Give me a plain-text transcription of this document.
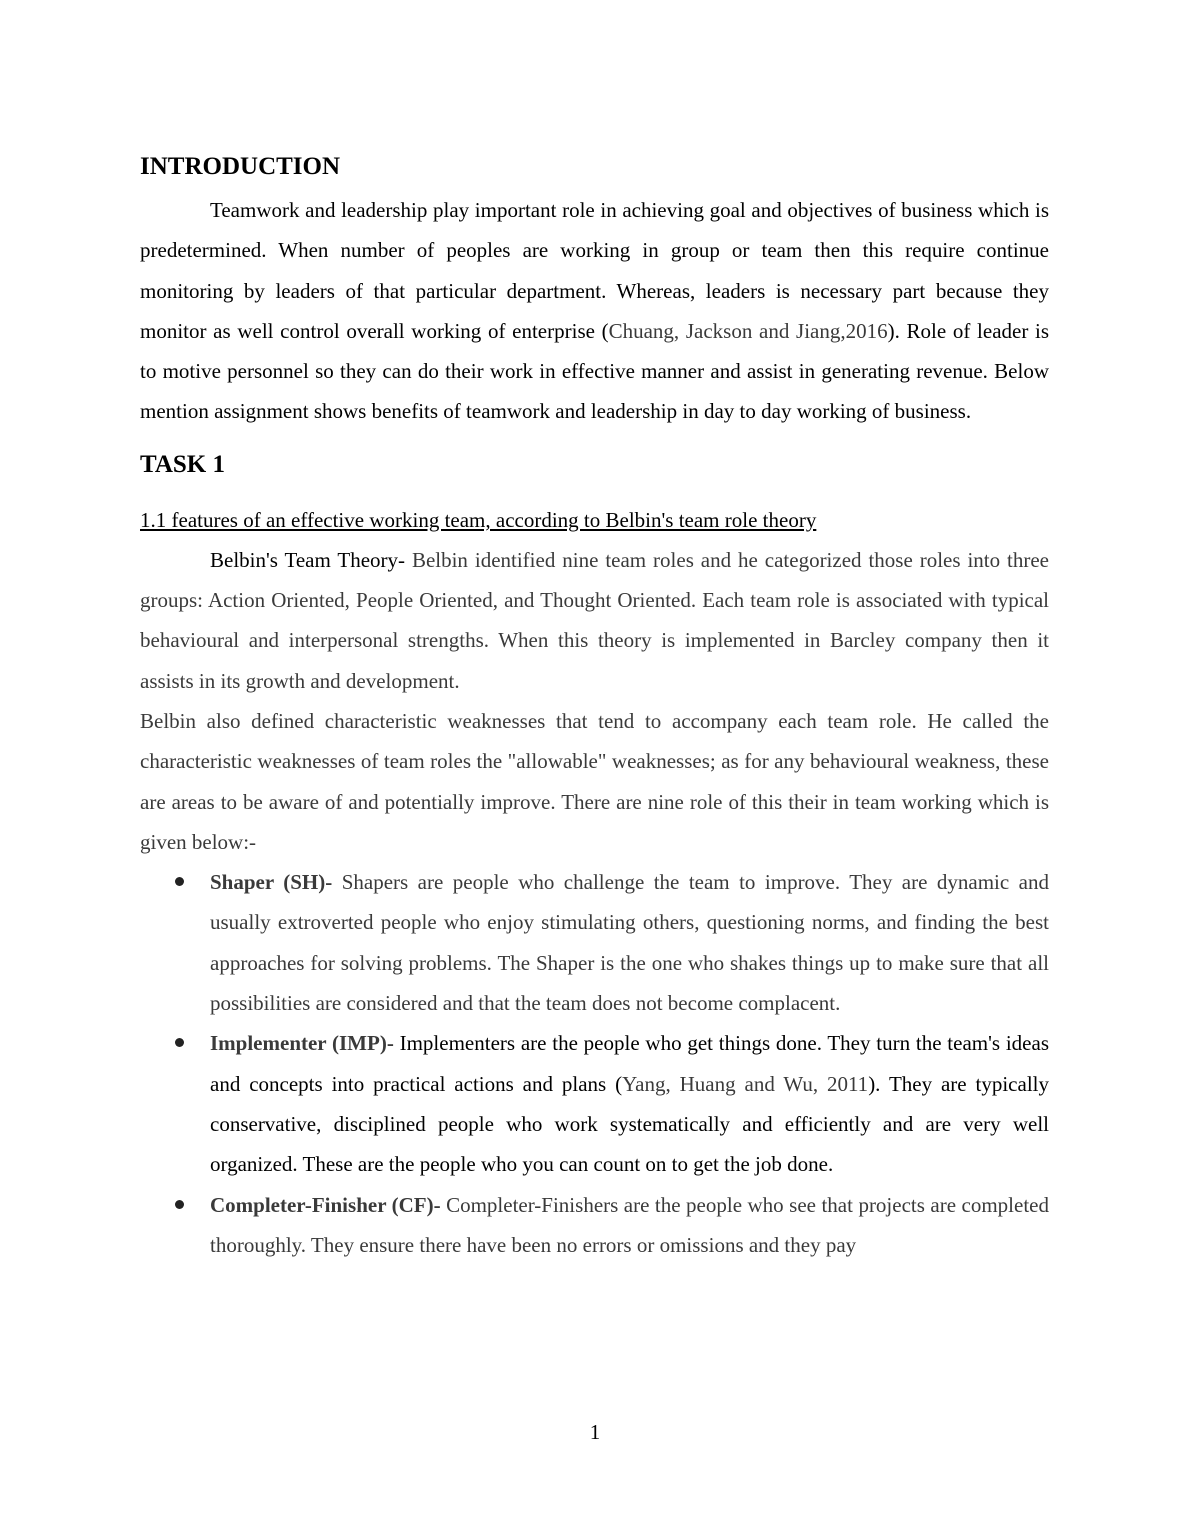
INTRODUCTION

Teamwork and leadership play important role in achieving goal and objectives of business which is predetermined. When number of peoples are working in group or team then this require continue monitoring by leaders of that particular department. Whereas, leaders is necessary part because they monitor as well control overall working of enterprise (Chuang, Jackson and Jiang,2016). Role of leader is to motive personnel so they can do their work in effective manner and assist in generating revenue. Below mention assignment shows benefits of teamwork and leadership in day to day working of business.

TASK 1

1.1 features of an effective working team, according to Belbin's team role theory

Belbin's Team Theory- Belbin identified nine team roles and he categorized those roles into three groups: Action Oriented, People Oriented, and Thought Oriented. Each team role is associated with typical behavioural and interpersonal strengths. When this theory is implemented in Barcley company then it assists in its growth and development.

Belbin also defined characteristic weaknesses that tend to accompany each team role. He called the characteristic weaknesses of team roles the "allowable" weaknesses; as for any behavioural weakness, these are areas to be aware of and potentially improve. There are nine role of this their in team working which is given below:-

Shaper (SH)- Shapers are people who challenge the team to improve. They are dynamic and usually extroverted people who enjoy stimulating others, questioning norms, and finding the best approaches for solving problems. The Shaper is the one who shakes things up to make sure that all possibilities are considered and that the team does not become complacent.

Implementer (IMP)- Implementers are the people who get things done. They turn the team's ideas and concepts into practical actions and plans (Yang, Huang and Wu, 2011). They are typically conservative, disciplined people who work systematically and efficiently and are very well organized. These are the people who you can count on to get the job done.

Completer-Finisher (CF)- Completer-Finishers are the people who see that projects are completed thoroughly. They ensure there have been no errors or omissions and they pay

1
